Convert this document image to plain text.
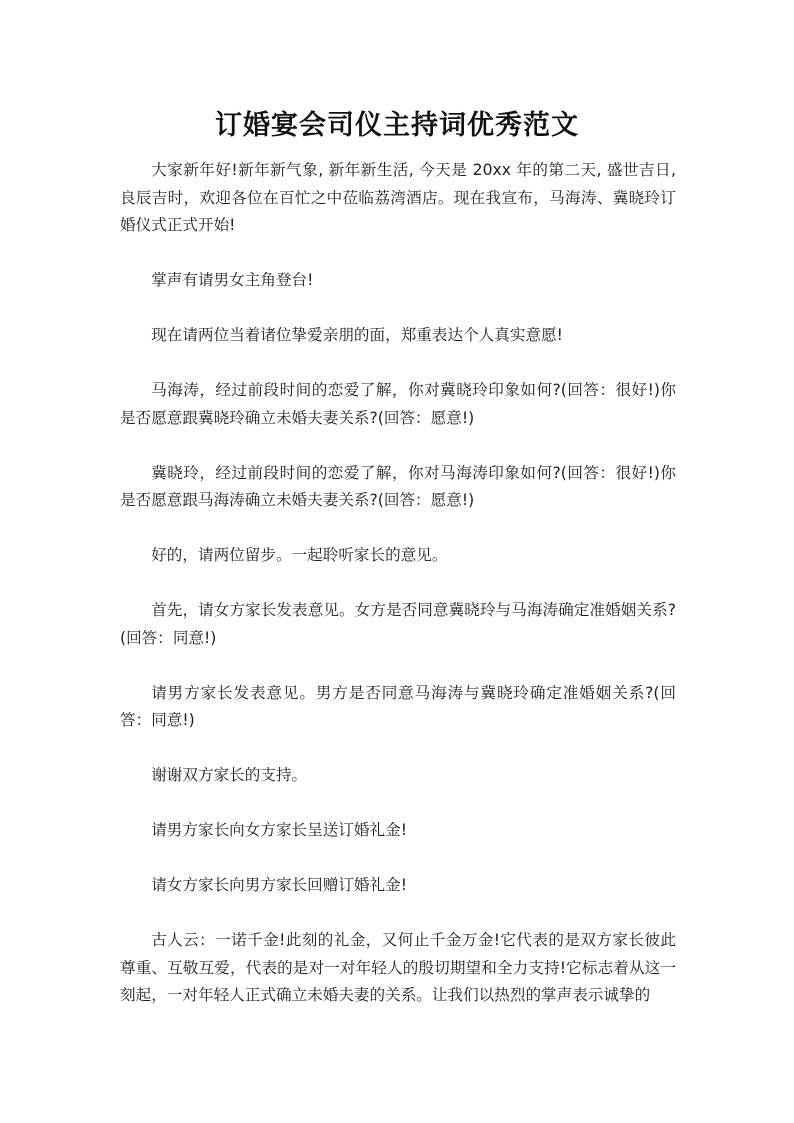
订婚宴会司仪主持词优秀范文

大家新年好!新年新气象, 新年新生活, 今天是 20xx 年的第二天, 盛世吉日, 良辰吉时，欢迎各位在百忙之中莅临荔湾酒店。现在我宣布，马海涛、冀晓玲订婚仪式正式开始!

掌声有请男女主角登台!

现在请两位当着诸位挚爱亲朋的面，郑重表达个人真实意愿!

马海涛，经过前段时间的恋爱了解，你对冀晓玲印象如何?(回答：很好!)你是否愿意跟冀晓玲确立未婚夫妻关系?(回答：愿意!)

冀晓玲，经过前段时间的恋爱了解，你对马海涛印象如何?(回答：很好!)你是否愿意跟马海涛确立未婚夫妻关系?(回答：愿意!)

好的，请两位留步。一起聆听家长的意见。

首先，请女方家长发表意见。女方是否同意冀晓玲与马海涛确定准婚姻关系?(回答：同意!)

请男方家长发表意见。男方是否同意马海涛与冀晓玲确定准婚姻关系?(回答：同意!)

谢谢双方家长的支持。

请男方家长向女方家长呈送订婚礼金!

请女方家长向男方家长回赠订婚礼金!

古人云：一诺千金!此刻的礼金，又何止千金万金!它代表的是双方家长彼此尊重、互敬互爱，代表的是对一对年轻人的殷切期望和全力支持!它标志着从这一刻起，一对年轻人正式确立未婚夫妻的关系。让我们以热烈的掌声表示诚挚的
